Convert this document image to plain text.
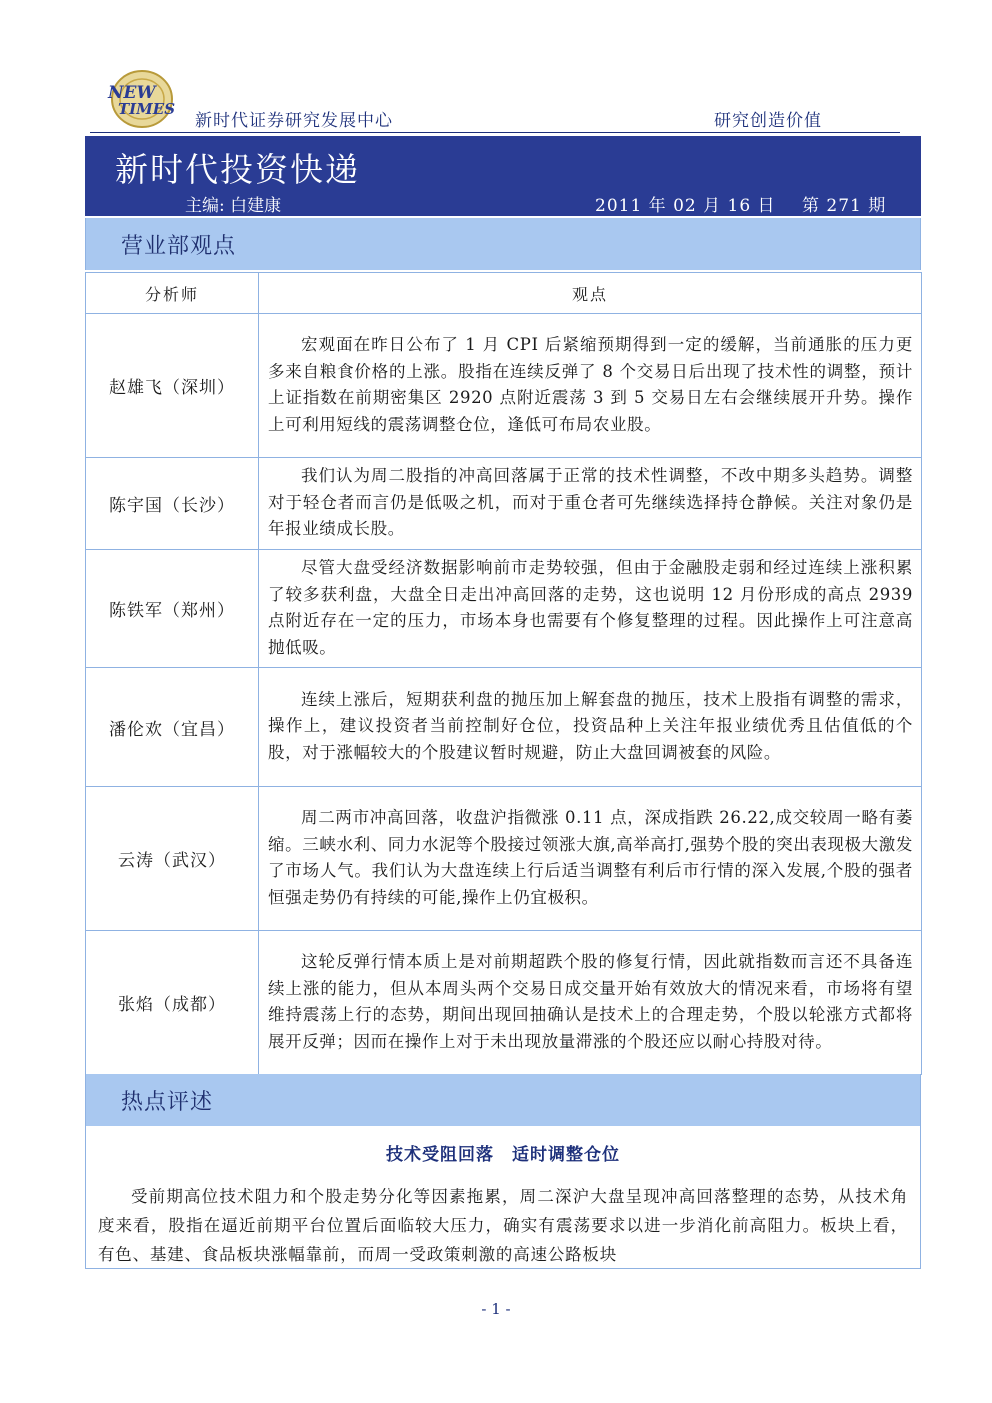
NEW
TIMES
新时代证券研究发展中心	研究创造价值
新时代投资快递
主编: 白建康	2011 年 02 月 16 日 第 271 期
营业部观点
分析师	观点
赵雄飞（深圳）	宏观面在昨日公布了 1 月 CPI 后紧缩预期得到一定的缓解，当前通胀的压力更多来自粮食价格的上涨。股指在连续反弹了 8 个交易日后出现了技术性的调整，预计上证指数在前期密集区 2920 点附近震荡 3 到 5 交易日左右会继续展开升势。操作上可利用短线的震荡调整仓位，逢低可布局农业股。
陈宇国（长沙）	我们认为周二股指的冲高回落属于正常的技术性调整，不改中期多头趋势。调整对于轻仓者而言仍是低吸之机，而对于重仓者可先继续选择持仓静候。关注对象仍是年报业绩成长股。
陈铁军（郑州）	尽管大盘受经济数据影响前市走势较强，但由于金融股走弱和经过连续上涨积累了较多获利盘，大盘全日走出冲高回落的走势，这也说明 12 月份形成的高点 2939 点附近存在一定的压力，市场本身也需要有个修复整理的过程。因此操作上可注意高抛低吸。
潘伦欢（宜昌）	连续上涨后，短期获利盘的抛压加上解套盘的抛压，技术上股指有调整的需求，操作上，建议投资者当前控制好仓位，投资品种上关注年报业绩优秀且估值低的个股，对于涨幅较大的个股建议暂时规避，防止大盘回调被套的风险。
云涛（武汉）	周二两市冲高回落，收盘沪指微涨 0.11 点，深成指跌 26.22,成交较周一略有萎缩。三峡水利、同力水泥等个股接过领涨大旗,高举高打,强势个股的突出表现极大激发了市场人气。我们认为大盘连续上行后适当调整有利后市行情的深入发展,个股的强者恒强走势仍有持续的可能,操作上仍宜极积。
张焰（成都）	这轮反弹行情本质上是对前期超跌个股的修复行情，因此就指数而言还不具备连续上涨的能力，但从本周头两个交易日成交量开始有效放大的情况来看，市场将有望维持震荡上行的态势，期间出现回抽确认是技术上的合理走势，个股以轮涨方式都将展开反弹；因而在操作上对于未出现放量滞涨的个股还应以耐心持股对待。
热点评述
技术受阻回落　适时调整仓位
受前期高位技术阻力和个股走势分化等因素拖累，周二深沪大盘呈现冲高回落整理的态势，从技术角度来看，股指在逼近前期平台位置后面临较大压力，确实有震荡要求以进一步消化前高阻力。板块上看，有色、基建、食品板块涨幅靠前，而周一受政策刺激的高速公路板块
- 1 -
